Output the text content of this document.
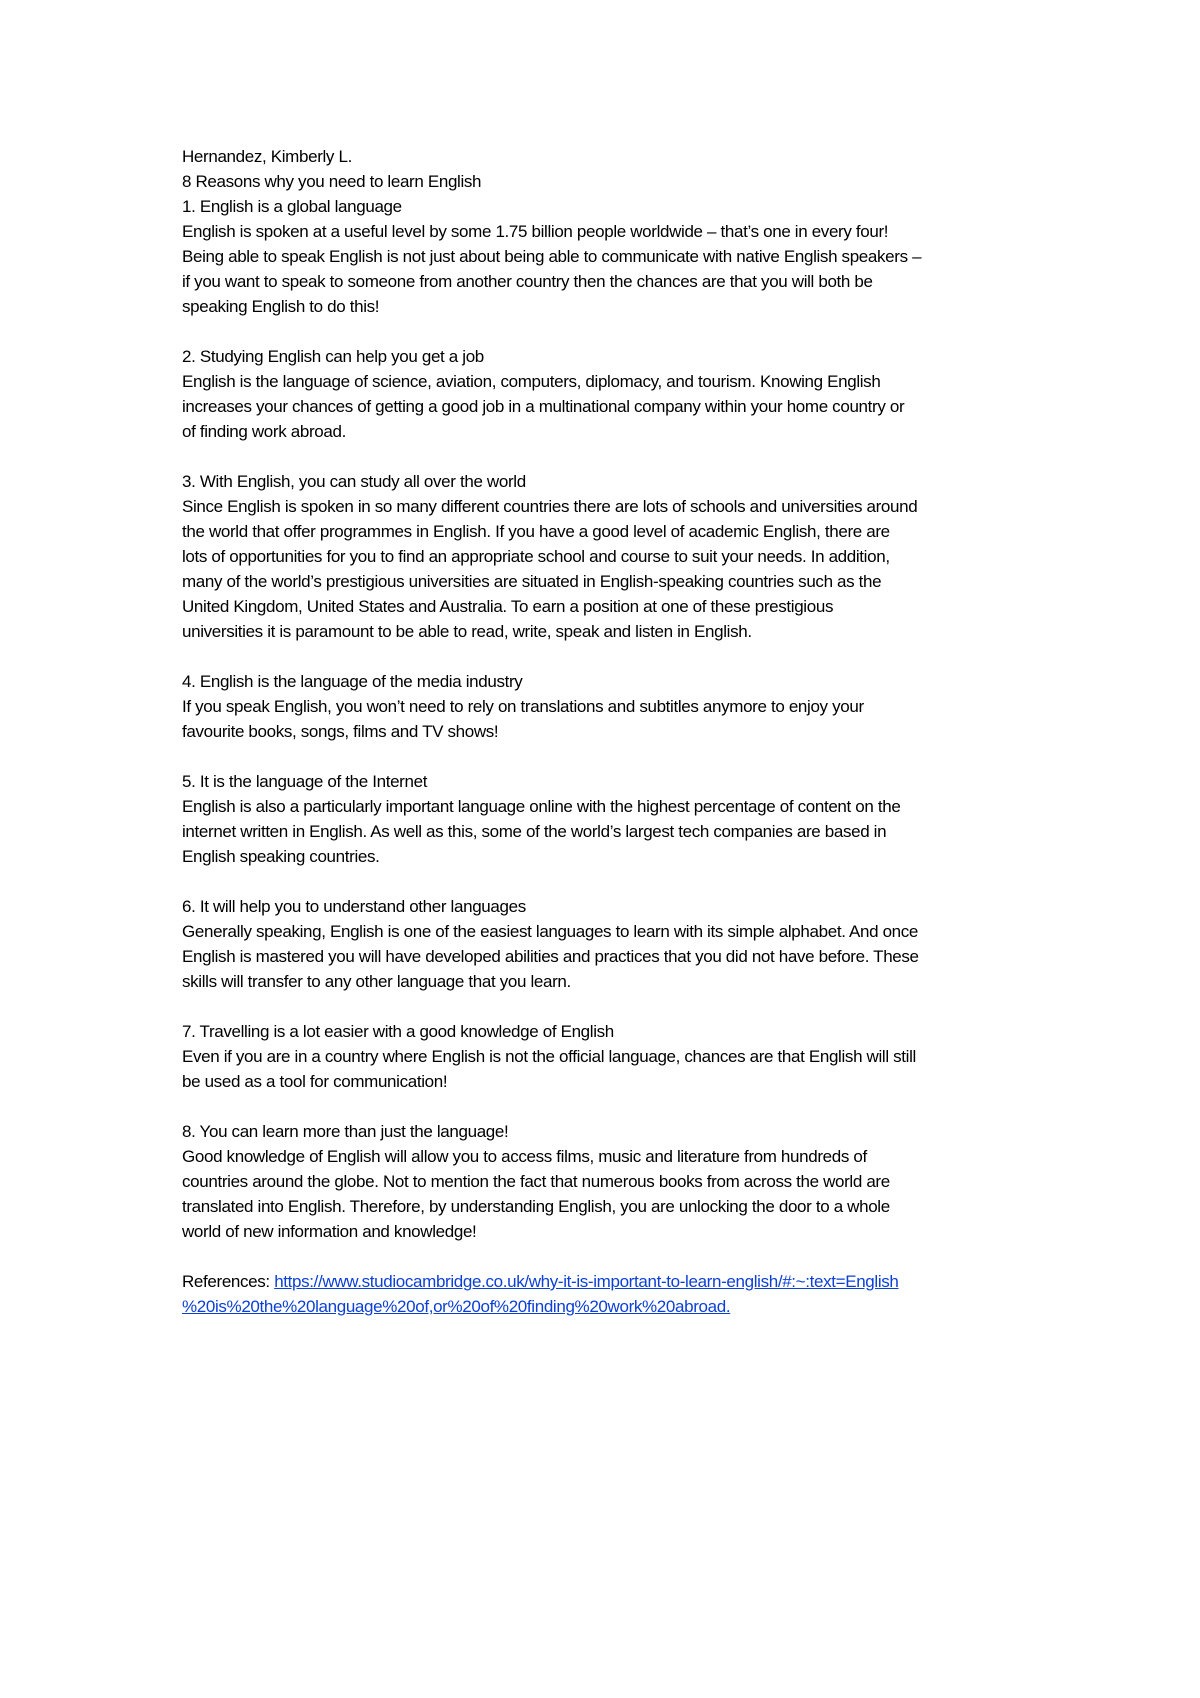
Hernandez, Kimberly L.
8 Reasons why you need to learn English
1. English is a global language
English is spoken at a useful level by some 1.75 billion people worldwide – that’s one in every four!
Being able to speak English is not just about being able to communicate with native English speakers –
if you want to speak to someone from another country then the chances are that you will both be
speaking English to do this!
2. Studying English can help you get a job
English is the language of science, aviation, computers, diplomacy, and tourism. Knowing English
increases your chances of getting a good job in a multinational company within your home country or
of finding work abroad.
3. With English, you can study all over the world
Since English is spoken in so many different countries there are lots of schools and universities around
the world that offer programmes in English. If you have a good level of academic English, there are
lots of opportunities for you to find an appropriate school and course to suit your needs. In addition,
many of the world’s prestigious universities are situated in English-speaking countries such as the
United Kingdom, United States and Australia. To earn a position at one of these prestigious
universities it is paramount to be able to read, write, speak and listen in English.
4. English is the language of the media industry
If you speak English, you won’t need to rely on translations and subtitles anymore to enjoy your
favourite books, songs, films and TV shows!
5. It is the language of the Internet
English is also a particularly important language online with the highest percentage of content on the
internet written in English. As well as this, some of the world’s largest tech companies are based in
English speaking countries.
6. It will help you to understand other languages
Generally speaking, English is one of the easiest languages to learn with its simple alphabet. And once
English is mastered you will have developed abilities and practices that you did not have before. These
skills will transfer to any other language that you learn.
7. Travelling is a lot easier with a good knowledge of English
Even if you are in a country where English is not the official language, chances are that English will still
be used as a tool for communication!
8. You can learn more than just the language!
Good knowledge of English will allow you to access films, music and literature from hundreds of
countries around the globe. Not to mention the fact that numerous books from across the world are
translated into English. Therefore, by understanding English, you are unlocking the door to a whole
world of new information and knowledge!
References: https://www.studiocambridge.co.uk/why-it-is-important-to-learn-english/#:~:text=English
%20is%20the%20language%20of,or%20of%20finding%20work%20abroad.
